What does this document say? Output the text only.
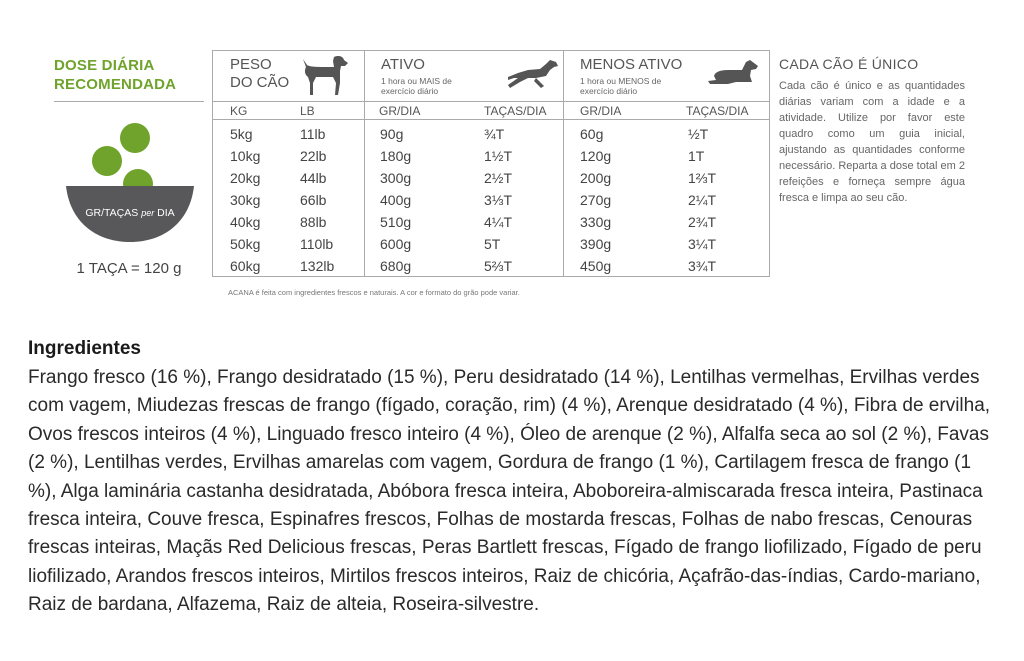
DOSE DIÁRIA
RECOMENDADA
GR/TAÇAS per DIA
1 TAÇA = 120 g
PESO
DO CÃO
ATIVO
1 hora ou MAIS de
exercício diário
MENOS ATIVO
1 hora ou MENOS de
exercício diário
KG	LB	GR/DIA	TAÇAS/DIA	GR/DIA	TAÇAS/DIA
5kg	11lb	90g	¾T	60g	½T
10kg	22lb	180g	1½T	120g	1T
20kg	44lb	300g	2½T	200g	1⅔T
30kg	66lb	400g	3⅓T	270g	2¼T
40kg	88lb	510g	4¼T	330g	2¾T
50kg	110lb	600g	5T	390g	3¼T
60kg	132lb	680g	5⅔T	450g	3¾T
CADA CÃO É ÚNICO
Cada cão é único e as quantidades diárias variam com a idade e a atividade. Utilize por favor este quadro como um guia inicial, ajustando as quantidades conforme necessário. Reparta a dose total em 2 refeições e forneça sempre água fresca e limpa ao seu cão.
ACANA é feita com ingredientes frescos e naturais. A cor e formato do grão pode variar.
Ingredientes
Frango fresco (16 %), Frango desidratado (15 %), Peru desidratado (14 %), Lentilhas vermelhas, Ervilhas verdes com vagem, Miudezas frescas de frango (fígado, coração, rim) (4 %), Arenque desidratado (4 %), Fibra de ervilha, Ovos frescos inteiros (4 %), Linguado fresco inteiro (4 %), Óleo de arenque (2 %), Alfalfa seca ao sol (2 %), Favas (2 %), Lentilhas verdes, Ervilhas amarelas com vagem, Gordura de frango (1 %), Cartilagem fresca de frango (1 %), Alga laminária castanha desidratada, Abóbora fresca inteira, Aboboreira-almiscarada fresca inteira, Pastinaca fresca inteira, Couve fresca, Espinafres frescos, Folhas de mostarda frescas, Folhas de nabo frescas, Cenouras frescas inteiras, Maçãs Red Delicious frescas, Peras Bartlett frescas, Fígado de frango liofilizado, Fígado de peru liofilizado, Arandos frescos inteiros, Mirtilos frescos inteiros, Raiz de chicória, Açafrão-das-índias, Cardo-mariano, Raiz de bardana, Alfazema, Raiz de alteia, Roseira-silvestre.
